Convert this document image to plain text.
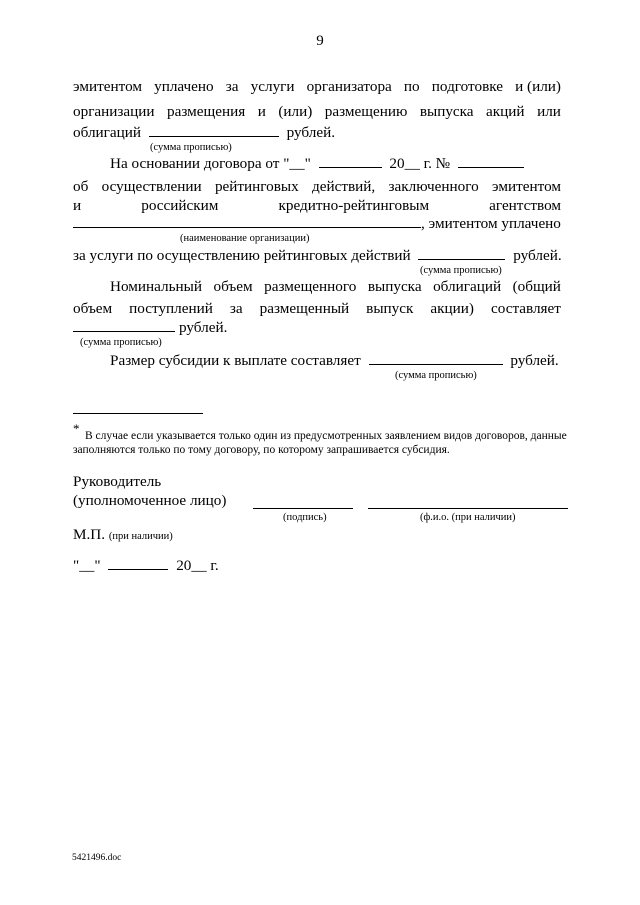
9
эмитентом уплачено за услуги организатора по подготовке и (или)
организации размещения и (или) размещению выпуска акций или
облигаций	рублей.
(сумма прописью)
На основании договора от "__"	20__ г. №
об осуществлении рейтинговых действий, заключенного эмитентом
и	российским	кредитно-рейтинговым	агентством
, эмитентом уплачено
(наименование организации)
за услуги по осуществлению рейтинговых действий	рублей.
(сумма прописью)
Номинальный объем размещенного выпуска облигаций (общий
объем поступлений за размещенный выпуск акции) составляет
рублей.
(сумма прописью)
Размер субсидии к выплате составляет	рублей.
(сумма прописью)
* В случае если указывается только один из предусмотренных заявлением видов договоров, данные
заполняются только по тому договору, по которому запрашивается субсидия.
Руководитель
(уполномоченное лицо)
(подпись)	(ф.и.о. (при наличии)
М.П. (при наличии)
"__"	20__ г.
5421496.doc
